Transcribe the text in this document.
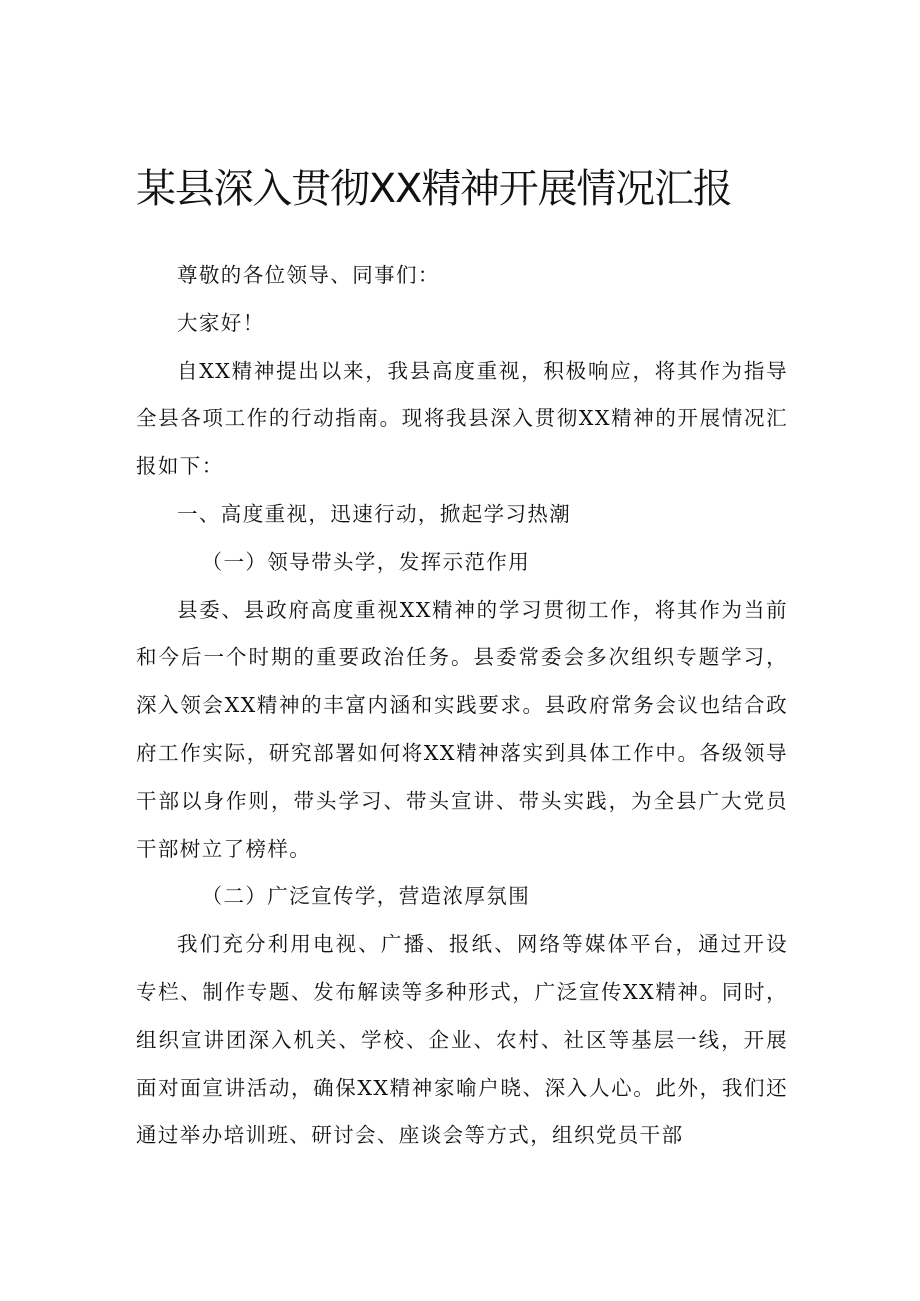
某县深入贯彻XX精神开展情况汇报

尊敬的各位领导、同事们：

大家好！

自XX精神提出以来，我县高度重视，积极响应，将其作为指导全县各项工作的行动指南。现将我县深入贯彻XX精神的开展情况汇报如下：

一、高度重视，迅速行动，掀起学习热潮

（一）领导带头学，发挥示范作用

县委、县政府高度重视XX精神的学习贯彻工作，将其作为当前和今后一个时期的重要政治任务。县委常委会多次组织专题学习，深入领会XX精神的丰富内涵和实践要求。县政府常务会议也结合政府工作实际，研究部署如何将XX精神落实到具体工作中。各级领导干部以身作则，带头学习、带头宣讲、带头实践，为全县广大党员干部树立了榜样。

（二）广泛宣传学，营造浓厚氛围

我们充分利用电视、广播、报纸、网络等媒体平台，通过开设专栏、制作专题、发布解读等多种形式，广泛宣传XX精神。同时，组织宣讲团深入机关、学校、企业、农村、社区等基层一线，开展面对面宣讲活动，确保XX精神家喻户晓、深入人心。此外，我们还通过举办培训班、研讨会、座谈会等方式，组织党员干部
